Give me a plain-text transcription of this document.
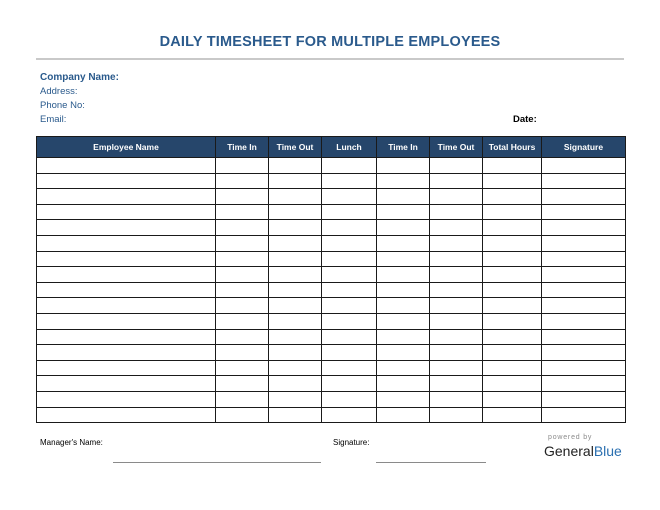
DAILY TIMESHEET FOR MULTIPLE EMPLOYEES
Company Name:
Address:
Phone No:
Email:	Date:
Employee Name	Time In	Time Out	Lunch	Time In	Time Out	Total Hours	Signature

Manager's Name:	Signature:
powered by
GeneralBlue
